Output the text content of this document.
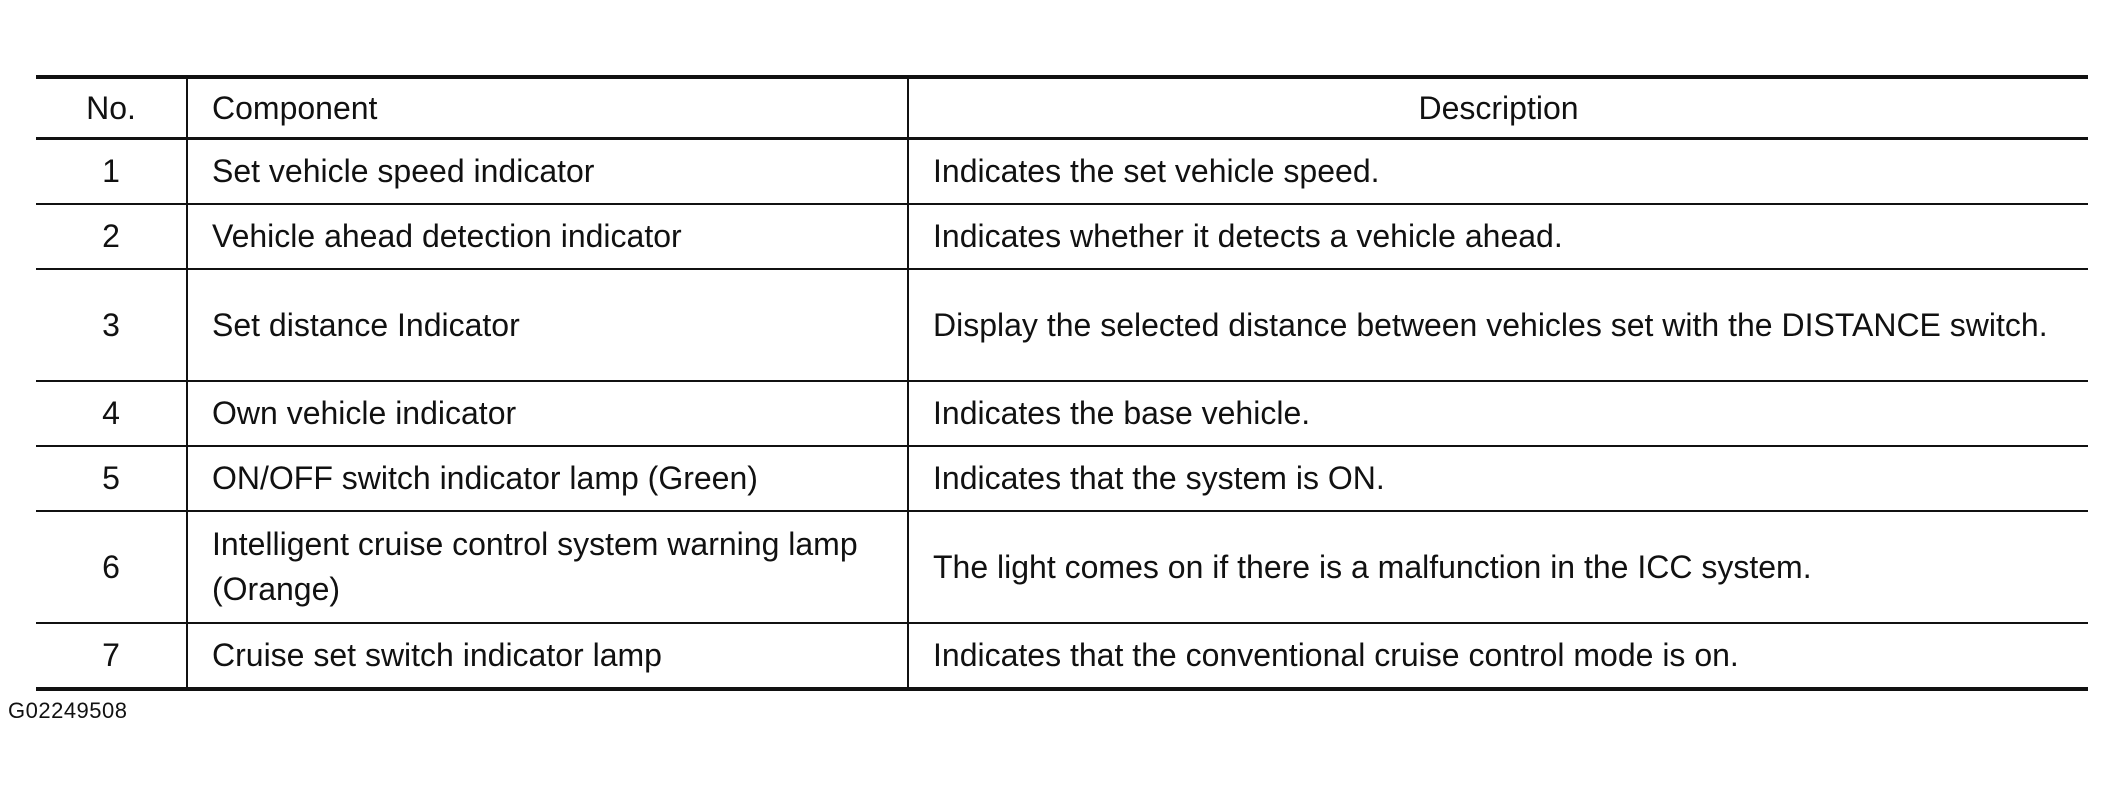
No.	Component	Description
1	Set vehicle speed indicator	Indicates the set vehicle speed.
2	Vehicle ahead detection indicator	Indicates whether it detects a vehicle ahead.
3	Set distance Indicator	Display the selected distance between vehicles set with the DISTANCE switch.
4	Own vehicle indicator	Indicates the base vehicle.
5	ON/OFF switch indicator lamp (Green)	Indicates that the system is ON.
6	Intelligent cruise control system warning lamp (Orange)	The light comes on if there is a malfunction in the ICC system.
7	Cruise set switch indicator lamp	Indicates that the conventional cruise control mode is on.
G02249508
